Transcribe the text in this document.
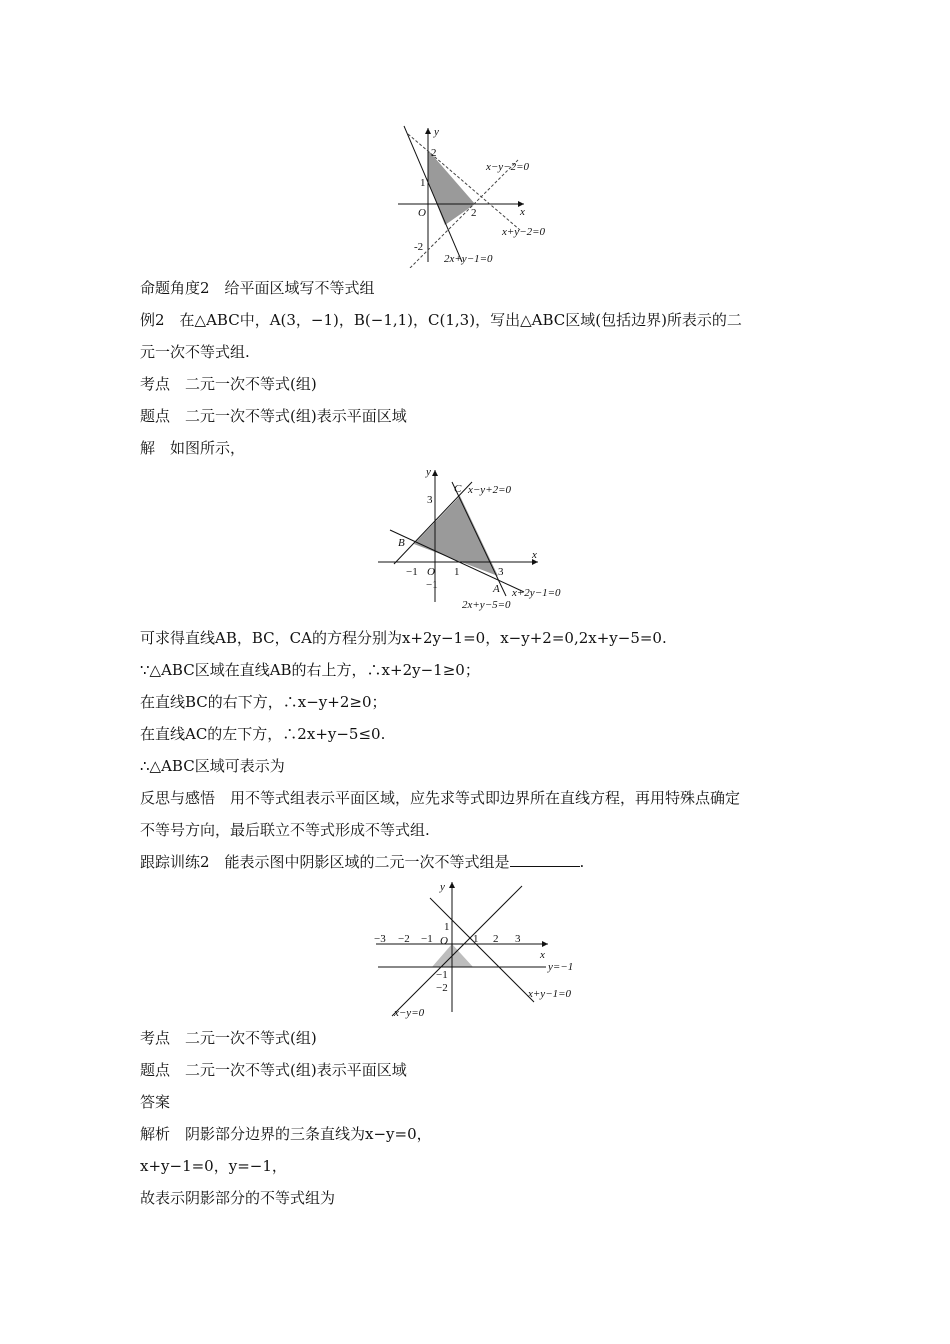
y
x
O
2
1
-2
2
x−y−2=0
x+y−2=0
2x+y−1=0
命题角度2　给平面区域写不等式组
例2　在△ABC中，A(3，−1)，B(−1,1)，C(1,3)，写出△ABC区域(包括边界)所表示的二
元一次不等式组.
考点　二元一次不等式(组)
题点　二元一次不等式(组)表示平面区域
解　如图所示，
y
x
O
3
−1	1	3
−1
C
B
A
x−y+2=0
x+2y−1=0
2x+y−5=0
可求得直线AB，BC，CA的方程分别为x+2y−1=0，x−y+2=0,2x+y−5=0.
∵△ABC区域在直线AB的右上方，∴x+2y−1≥0；
在直线BC的右下方，∴x−y+2≥0；
在直线AC的左下方，∴2x+y−5≤0.
∴△ABC区域可表示为
反思与感悟　用不等式组表示平面区域，应先求等式即边界所在直线方程，再用特殊点确定
不等号方向，最后联立不等式形成不等式组.
跟踪训练2　能表示图中阴影区域的二元一次不等式组是	.
y
x
O
−3 −2 −1	1 2 3
1
−1
−2
y=−1
x+y−1=0
x−y=0
考点　二元一次不等式(组)
题点　二元一次不等式(组)表示平面区域
答案
解析　阴影部分边界的三条直线为x−y=0，
x+y−1=0，y=−1，
故表示阴影部分的不等式组为
